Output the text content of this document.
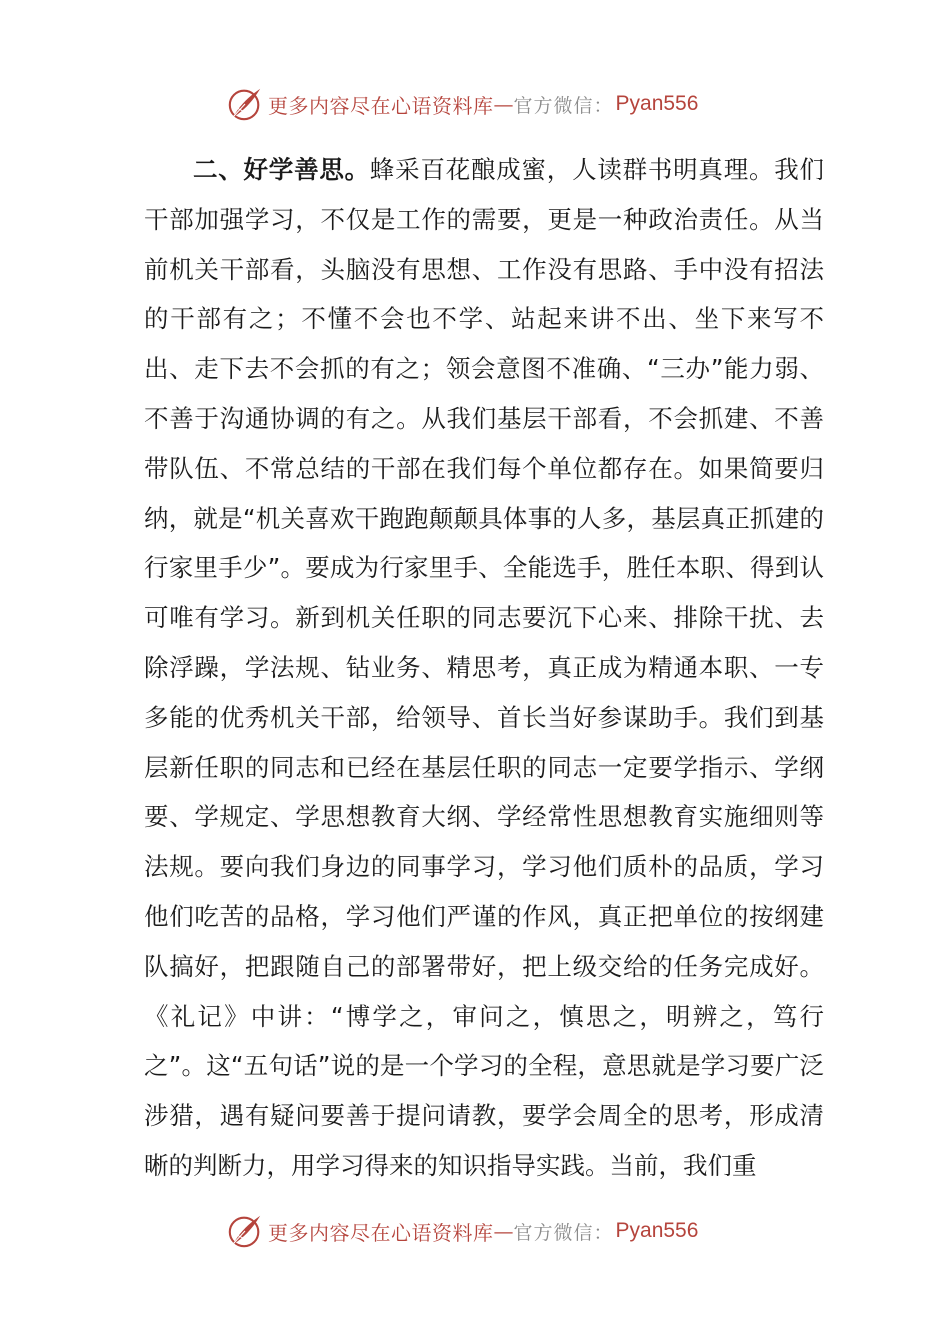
更多内容尽在心语资料库 — 官方微信： Pyan556

二、好学善思。蜂采百花酿成蜜，人读群书明真理。我们干部加强学习，不仅是工作的需要，更是一种政治责任。从当前机关干部看，头脑没有思想、工作没有思路、手中没有招法的干部有之；不懂不会也不学、站起来讲不出、坐下来写不出、走下去不会抓的有之；领会意图不准确、“三办”能力弱、不善于沟通协调的有之。从我们基层干部看，不会抓建、不善带队伍、不常总结的干部在我们每个单位都存在。如果简要归纳，就是“机关喜欢干跑跑颠颠具体事的人多，基层真正抓建的行家里手少”。要成为行家里手、全能选手，胜任本职、得到认可唯有学习。新到机关任职的同志要沉下心来、排除干扰、去除浮躁，学法规、钻业务、精思考，真正成为精通本职、一专多能的优秀机关干部，给领导、首长当好参谋助手。我们到基层新任职的同志和已经在基层任职的同志一定要学指示、学纲要、学规定、学思想教育大纲、学经常性思想教育实施细则等法规。要向我们身边的同事学习，学习他们质朴的品质，学习他们吃苦的品格，学习他们严谨的作风，真正把单位的按纲建队搞好，把跟随自己的部署带好，把上级交给的任务完成好。《礼记》中讲：“博学之，审问之，慎思之，明辨之，笃行之”。这“五句话”说的是一个学习的全程，意思就是学习要广泛涉猎，遇有疑问要善于提问请教，要学会周全的思考，形成清晰的判断力，用学习得来的知识指导实践。当前，我们重

更多内容尽在心语资料库 — 官方微信： Pyan556
